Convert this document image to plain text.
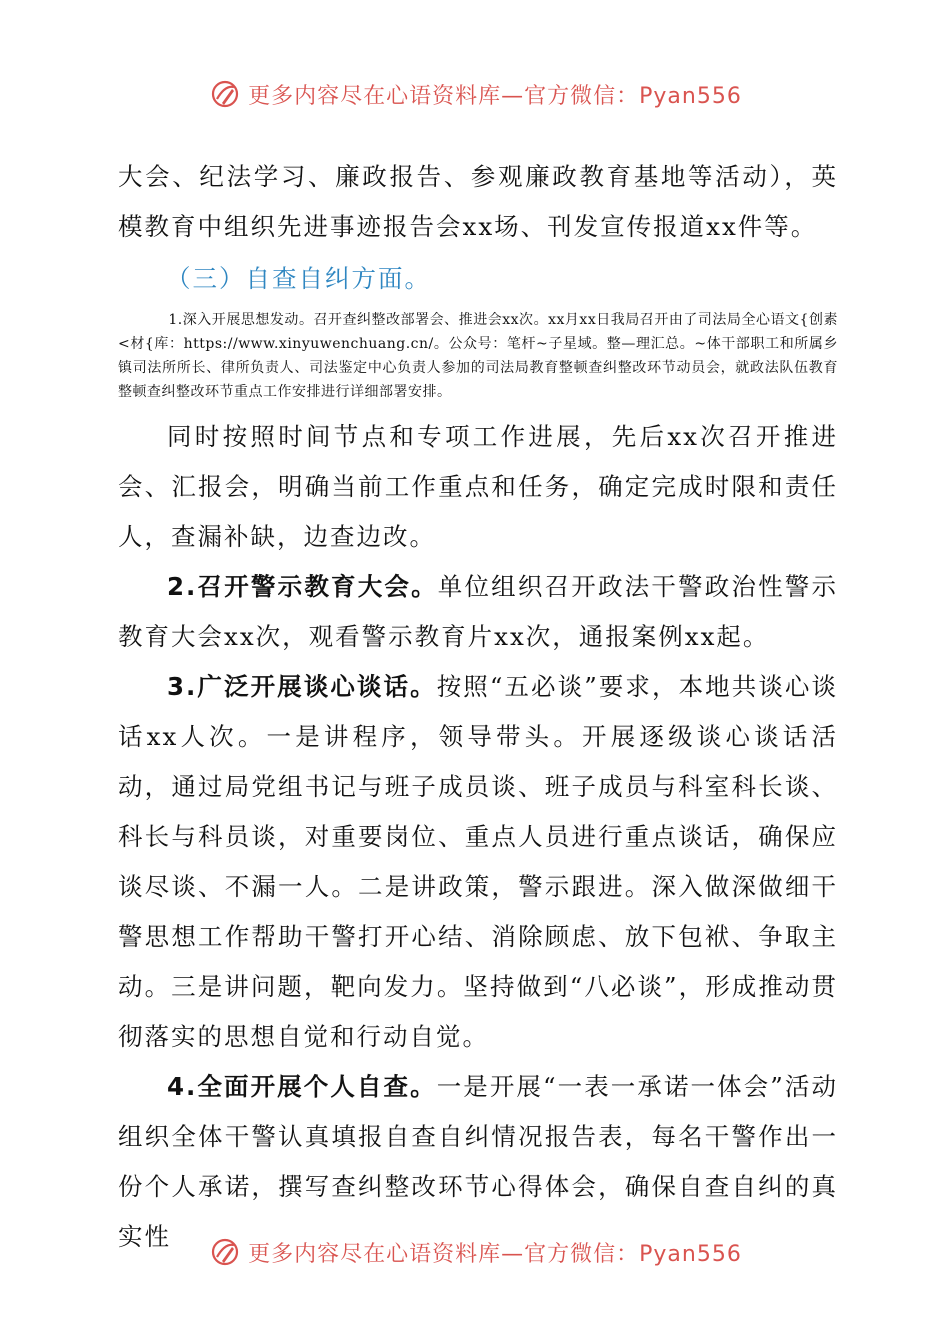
更多内容尽在心语资料库—官方微信：Pyan556

大会、纪法学习、廉政报告、参观廉政教育基地等活动），英模教育中组织先进事迹报告会xx场、刊发宣传报道xx件等。

（三）自查自纠方面。

1.深入开展思想发动。召开查纠整改部署会、推进会xx次。xx月xx日我局召开由了司法局全心语文{创素<材{库：https://www.xinyuwenchuang.cn/。公众号：笔杆~子星域。整—理汇总。~体干部职工和所属乡镇司法所所长、律所负责人、司法鉴定中心负责人参加的司法局教育整顿查纠整改环节动员会，就政法队伍教育整顿查纠整改环节重点工作安排进行详细部署安排。

同时按照时间节点和专项工作进展，先后xx次召开推进会、汇报会，明确当前工作重点和任务，确定完成时限和责任人，查漏补缺，边查边改。

2.召开警示教育大会。单位组织召开政法干警政治性警示教育大会xx次，观看警示教育片xx次，通报案例xx起。

3.广泛开展谈心谈话。按照“五必谈”要求，本地共谈心谈话xx人次。一是讲程序，领导带头。开展逐级谈心谈话活动，通过局党组书记与班子成员谈、班子成员与科室科长谈、科长与科员谈，对重要岗位、重点人员进行重点谈话，确保应谈尽谈、不漏一人。二是讲政策，警示跟进。深入做深做细干警思想工作帮助干警打开心结、消除顾虑、放下包袱、争取主动。三是讲问题，靶向发力。坚持做到“八必谈”，形成推动贯彻落实的思想自觉和行动自觉。

4.全面开展个人自查。一是开展“一表一承诺一体会”活动组织全体干警认真填报自查自纠情况报告表，每名干警作出一份个人承诺，撰写查纠整改环节心得体会，确保自查自纠的真实性

更多内容尽在心语资料库—官方微信：Pyan556
